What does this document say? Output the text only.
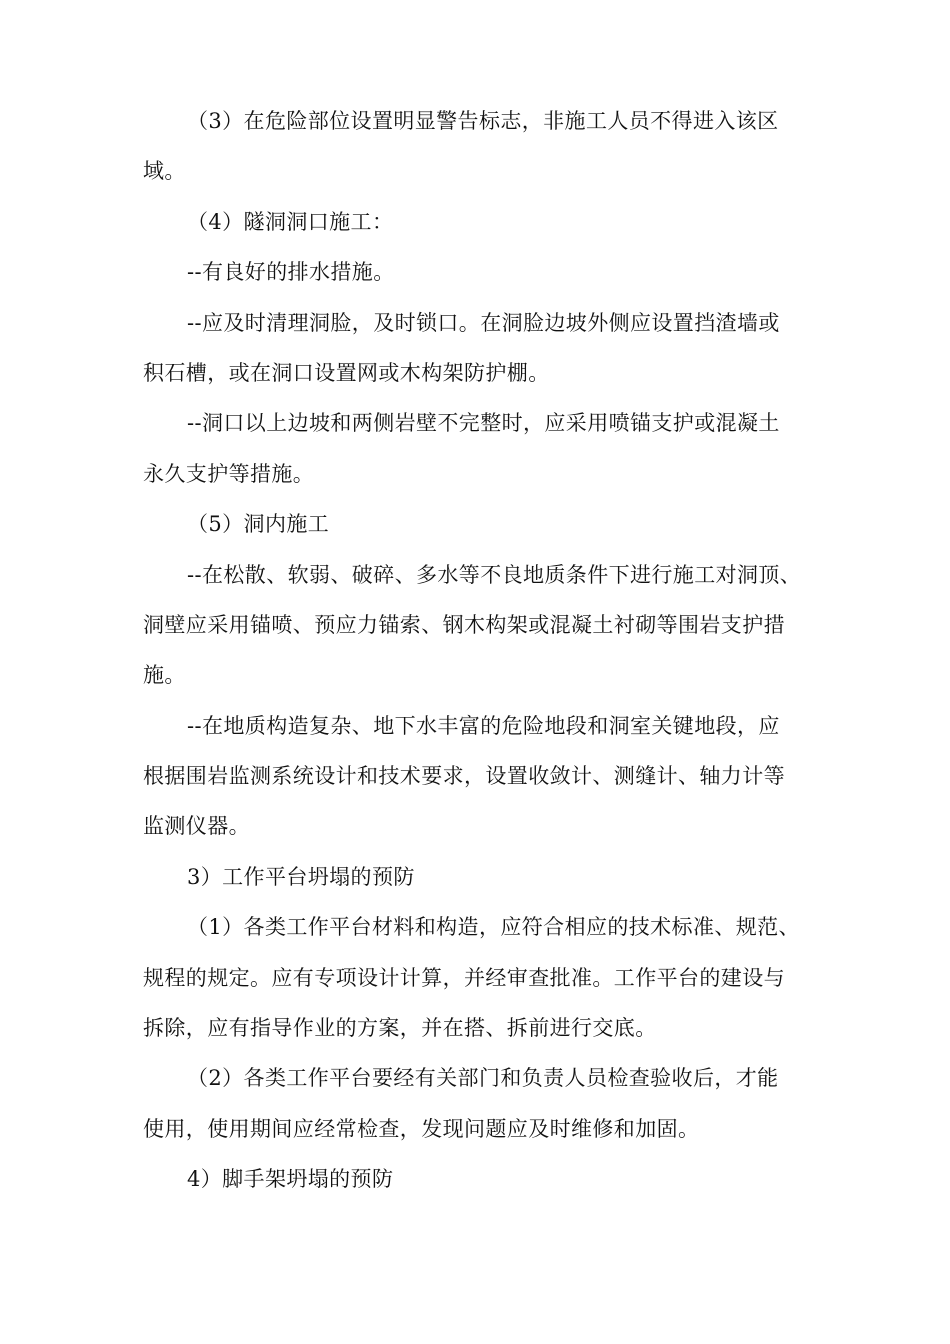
（3）在危险部位设置明显警告标志，非施工人员不得进入该区
域。
（4）隧洞洞口施工：
--有良好的排水措施。
--应及时清理洞脸，及时锁口。在洞脸边坡外侧应设置挡渣墙或
积石槽，或在洞口设置网或木构架防护棚。
--洞口以上边坡和两侧岩壁不完整时，应采用喷锚支护或混凝土
永久支护等措施。
（5）洞内施工
--在松散、软弱、破碎、多水等不良地质条件下进行施工对洞顶、
洞壁应采用锚喷、预应力锚索、钢木构架或混凝土衬砌等围岩支护措
施。
--在地质构造复杂、地下水丰富的危险地段和洞室关键地段，应
根据围岩监测系统设计和技术要求，设置收敛计、测缝计、轴力计等
监测仪器。
3）工作平台坍塌的预防
（1）各类工作平台材料和构造，应符合相应的技术标准、规范、
规程的规定。应有专项设计计算，并经审查批准。工作平台的建设与
拆除，应有指导作业的方案，并在搭、拆前进行交底。
（2）各类工作平台要经有关部门和负责人员检查验收后，才能
使用，使用期间应经常检查，发现问题应及时维修和加固。
4）脚手架坍塌的预防
